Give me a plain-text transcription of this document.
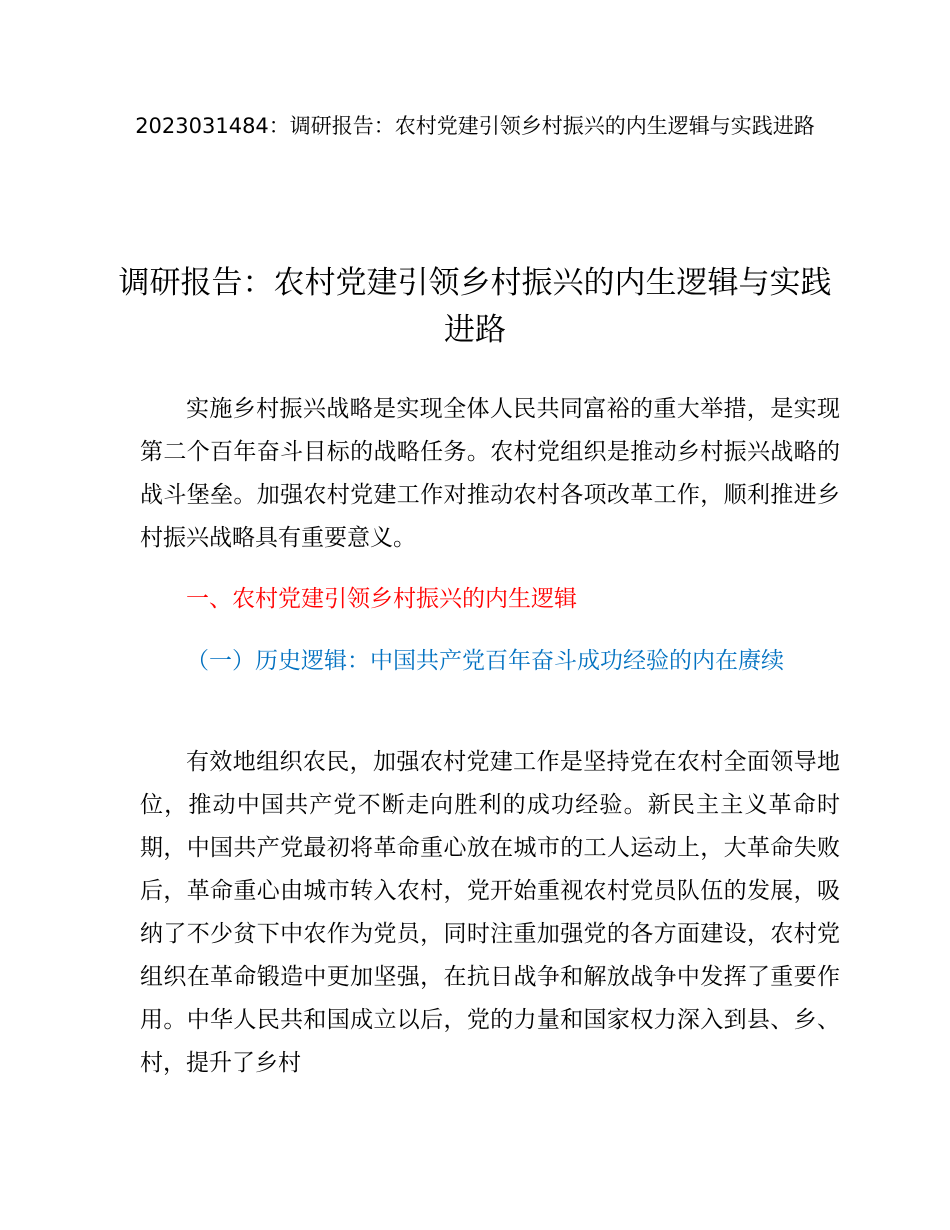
2023031484：调研报告：农村党建引领乡村振兴的内生逻辑与实践进路
调研报告：农村党建引领乡村振兴的内生逻辑与实践进路
实施乡村振兴战略是实现全体人民共同富裕的重大举措，是实现第二个百年奋斗目标的战略任务。农村党组织是推动乡村振兴战略的战斗堡垒。加强农村党建工作对推动农村各项改革工作，顺利推进乡村振兴战略具有重要意义。
一、农村党建引领乡村振兴的内生逻辑
（一）历史逻辑：中国共产党百年奋斗成功经验的内在赓续
有效地组织农民，加强农村党建工作是坚持党在农村全面领导地位，推动中国共产党不断走向胜利的成功经验。新民主主义革命时期，中国共产党最初将革命重心放在城市的工人运动上，大革命失败后，革命重心由城市转入农村，党开始重视农村党员队伍的发展，吸纳了不少贫下中农作为党员，同时注重加强党的各方面建设，农村党组织在革命锻造中更加坚强，在抗日战争和解放战争中发挥了重要作用。中华人民共和国成立以后，党的力量和国家权力深入到县、乡、村，提升了乡村
